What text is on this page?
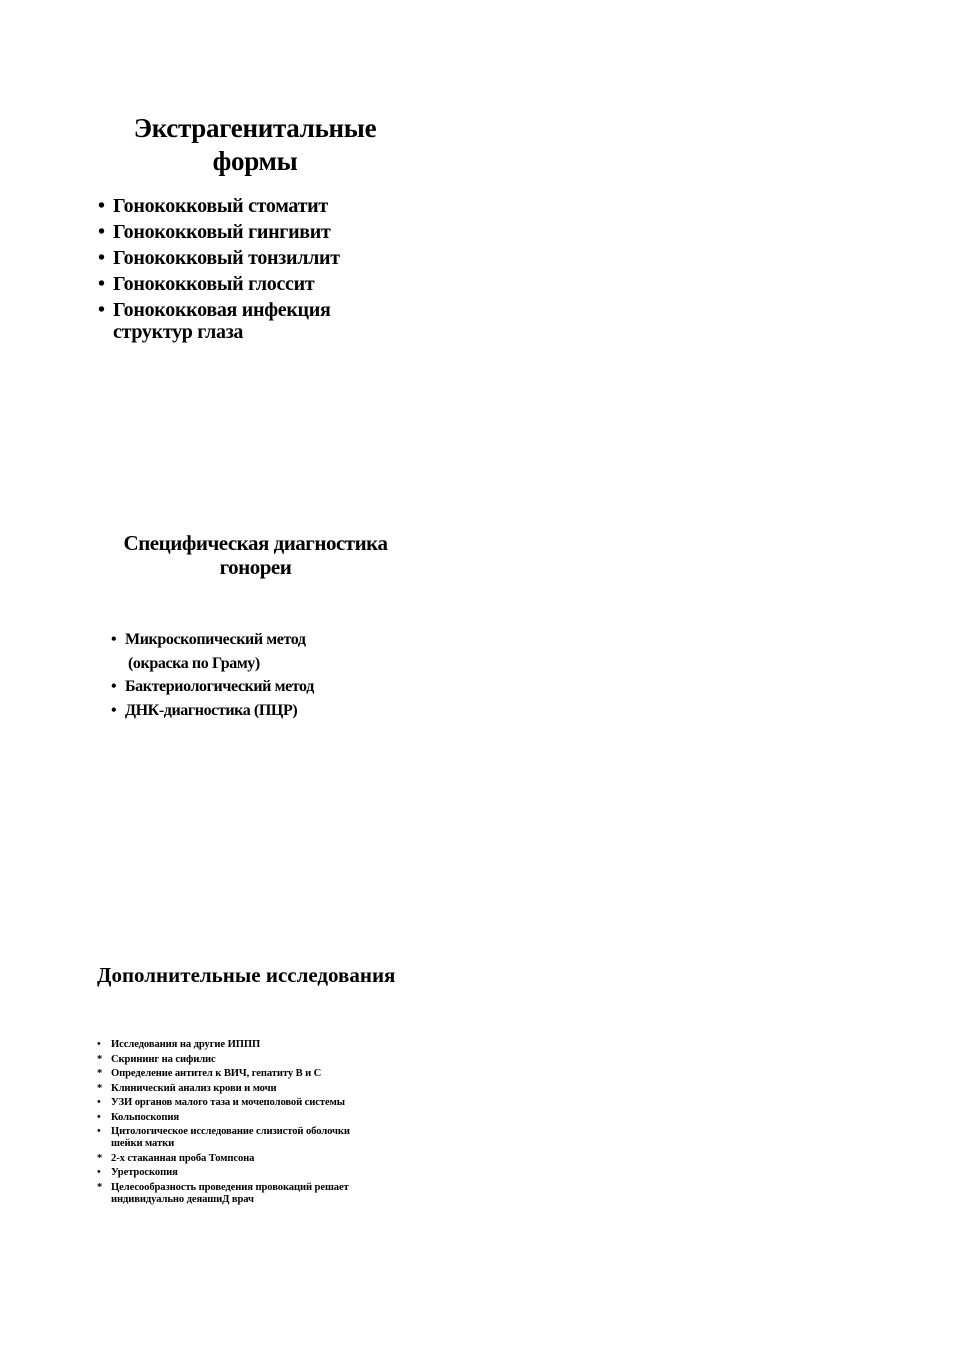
Экстрагенитальные
формы
• Гонококковый стоматит
• Гонококковый гингивит
• Гонококковый тонзиллит
• Гонококковый глоссит
• Гонококковая инфекция
структур глаза
Специфическая диагностика
гонореи
• Микроскопический метод
(окраска по Граму)
• Бактериологический метод
• ДНК-диагностика (ПЦР)
Дополнительные исследования
• Исследования на другие ИППП
* Скрининг на сифилис
* Определение антител к ВИЧ, гепатиту В и С
* Клинический анализ крови и мочи
• УЗИ органов малого таза и мочеполовой системы
• Кольпоскопия
• Цитологическое исследование слизистой оболочки
шейки матки
* 2-х стаканная проба Томпсона
• Уретроскопия
* Целесообразность проведения провокаций решает
индивидуально деяашиД врач
